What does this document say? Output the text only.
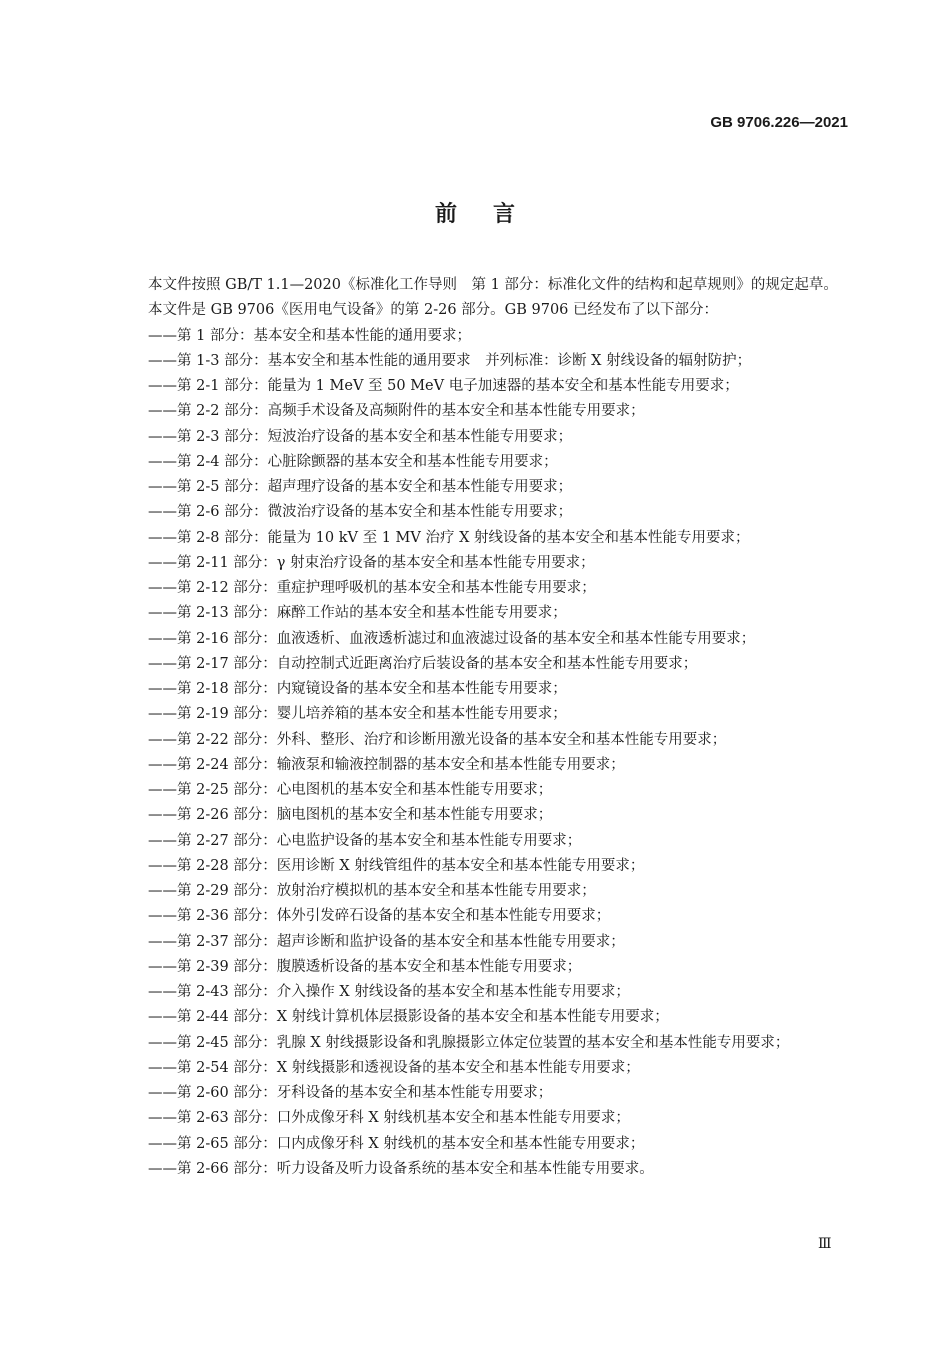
GB 9706.226—2021
前 言

本文件按照 GB/T 1.1—2020《标准化工作导则　第 1 部分：标准化文件的结构和起草规则》的规定起草。

本文件是 GB 9706《医用电气设备》的第 2-26 部分。GB 9706 已经发布了以下部分：

——第 1 部分：基本安全和基本性能的通用要求；

——第 1-3 部分：基本安全和基本性能的通用要求　并列标准：诊断 X 射线设备的辐射防护；

——第 2-1 部分：能量为 1 MeV 至 50 MeV 电子加速器的基本安全和基本性能专用要求；

——第 2-2 部分：高频手术设备及高频附件的基本安全和基本性能专用要求；

——第 2-3 部分：短波治疗设备的基本安全和基本性能专用要求；

——第 2-4 部分：心脏除颤器的基本安全和基本性能专用要求；

——第 2-5 部分：超声理疗设备的基本安全和基本性能专用要求；

——第 2-6 部分：微波治疗设备的基本安全和基本性能专用要求；

——第 2-8 部分：能量为 10 kV 至 1 MV 治疗 X 射线设备的基本安全和基本性能专用要求；

——第 2-11 部分：γ 射束治疗设备的基本安全和基本性能专用要求；

——第 2-12 部分：重症护理呼吸机的基本安全和基本性能专用要求；

——第 2-13 部分：麻醉工作站的基本安全和基本性能专用要求；

——第 2-16 部分：血液透析、血液透析滤过和血液滤过设备的基本安全和基本性能专用要求；

——第 2-17 部分：自动控制式近距离治疗后装设备的基本安全和基本性能专用要求；

——第 2-18 部分：内窥镜设备的基本安全和基本性能专用要求；

——第 2-19 部分：婴儿培养箱的基本安全和基本性能专用要求；

——第 2-22 部分：外科、整形、治疗和诊断用激光设备的基本安全和基本性能专用要求；

——第 2-24 部分：输液泵和输液控制器的基本安全和基本性能专用要求；

——第 2-25 部分：心电图机的基本安全和基本性能专用要求；

——第 2-26 部分：脑电图机的基本安全和基本性能专用要求；

——第 2-27 部分：心电监护设备的基本安全和基本性能专用要求；

——第 2-28 部分：医用诊断 X 射线管组件的基本安全和基本性能专用要求；

——第 2-29 部分：放射治疗模拟机的基本安全和基本性能专用要求；

——第 2-36 部分：体外引发碎石设备的基本安全和基本性能专用要求；

——第 2-37 部分：超声诊断和监护设备的基本安全和基本性能专用要求；

——第 2-39 部分：腹膜透析设备的基本安全和基本性能专用要求；

——第 2-43 部分：介入操作 X 射线设备的基本安全和基本性能专用要求；

——第 2-44 部分：X 射线计算机体层摄影设备的基本安全和基本性能专用要求；

——第 2-45 部分：乳腺 X 射线摄影设备和乳腺摄影立体定位装置的基本安全和基本性能专用要求；

——第 2-54 部分：X 射线摄影和透视设备的基本安全和基本性能专用要求；

——第 2-60 部分：牙科设备的基本安全和基本性能专用要求；

——第 2-63 部分：口外成像牙科 X 射线机基本安全和基本性能专用要求；

——第 2-65 部分：口内成像牙科 X 射线机的基本安全和基本性能专用要求；

——第 2-66 部分：听力设备及听力设备系统的基本安全和基本性能专用要求。

Ⅲ
